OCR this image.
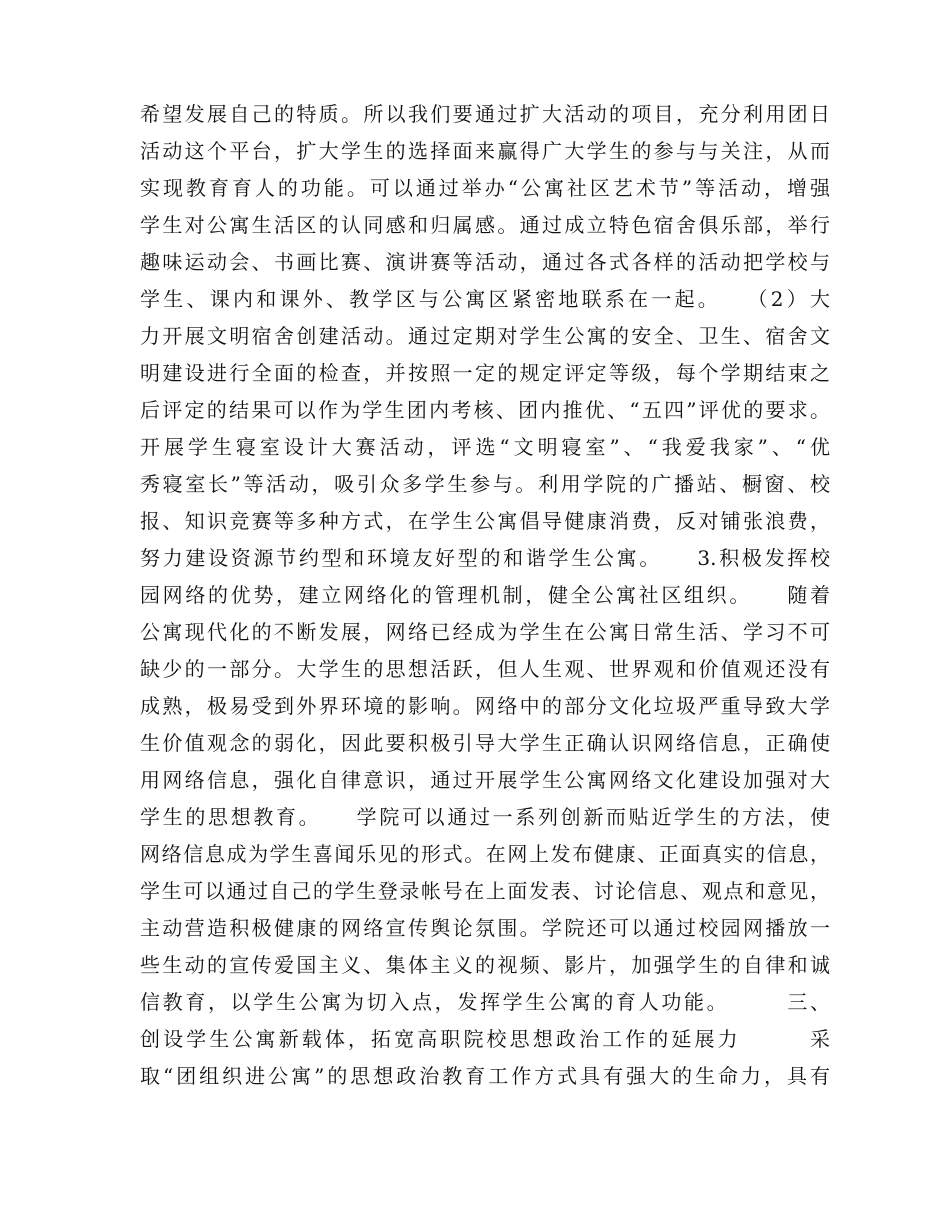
希望发展自己的特质。所以我们要通过扩大活动的项目，充分利用团日
活动这个平台，扩大学生的选择面来赢得广大学生的参与与关注，从而
实现教育育人的功能。可以通过举办“公寓社区艺术节”等活动，增强
学生对公寓生活区的认同感和归属感。通过成立特色宿舍俱乐部，举行
趣味运动会、书画比赛、演讲赛等活动，通过各式各样的活动把学校与
学生、课内和课外、教学区与公寓区紧密地联系在一起。　　（2）大
力开展文明宿舍创建活动。通过定期对学生公寓的安全、卫生、宿舍文
明建设进行全面的检查，并按照一定的规定评定等级，每个学期结束之
后评定的结果可以作为学生团内考核、团内推优、“五四”评优的要求。
开展学生寝室设计大赛活动，评选“文明寝室”、“我爱我家”、“优
秀寝室长”等活动，吸引众多学生参与。利用学院的广播站、橱窗、校
报、知识竞赛等多种方式，在学生公寓倡导健康消费，反对铺张浪费，
努力建设资源节约型和环境友好型的和谐学生公寓。　　3.积极发挥校
园网络的优势，建立网络化的管理机制，健全公寓社区组织。　　随着
公寓现代化的不断发展，网络已经成为学生在公寓日常生活、学习不可
缺少的一部分。大学生的思想活跃，但人生观、世界观和价值观还没有
成熟，极易受到外界环境的影响。网络中的部分文化垃圾严重导致大学
生价值观念的弱化，因此要积极引导大学生正确认识网络信息，正确使
用网络信息，强化自律意识，通过开展学生公寓网络文化建设加强对大
学生的思想教育。　　学院可以通过一系列创新而贴近学生的方法，使
网络信息成为学生喜闻乐见的形式。在网上发布健康、正面真实的信息，
学生可以通过自己的学生登录帐号在上面发表、讨论信息、观点和意见，
主动营造积极健康的网络宣传舆论氛围。学院还可以通过校园网播放一
些生动的宣传爱国主义、集体主义的视频、影片，加强学生的自律和诚
信教育，以学生公寓为切入点，发挥学生公寓的育人功能。　　　三、
创设学生公寓新载体，拓宽高职院校思想政治工作的延展力　　　采
取“团组织进公寓”的思想政治教育工作方式具有强大的生命力，具有
